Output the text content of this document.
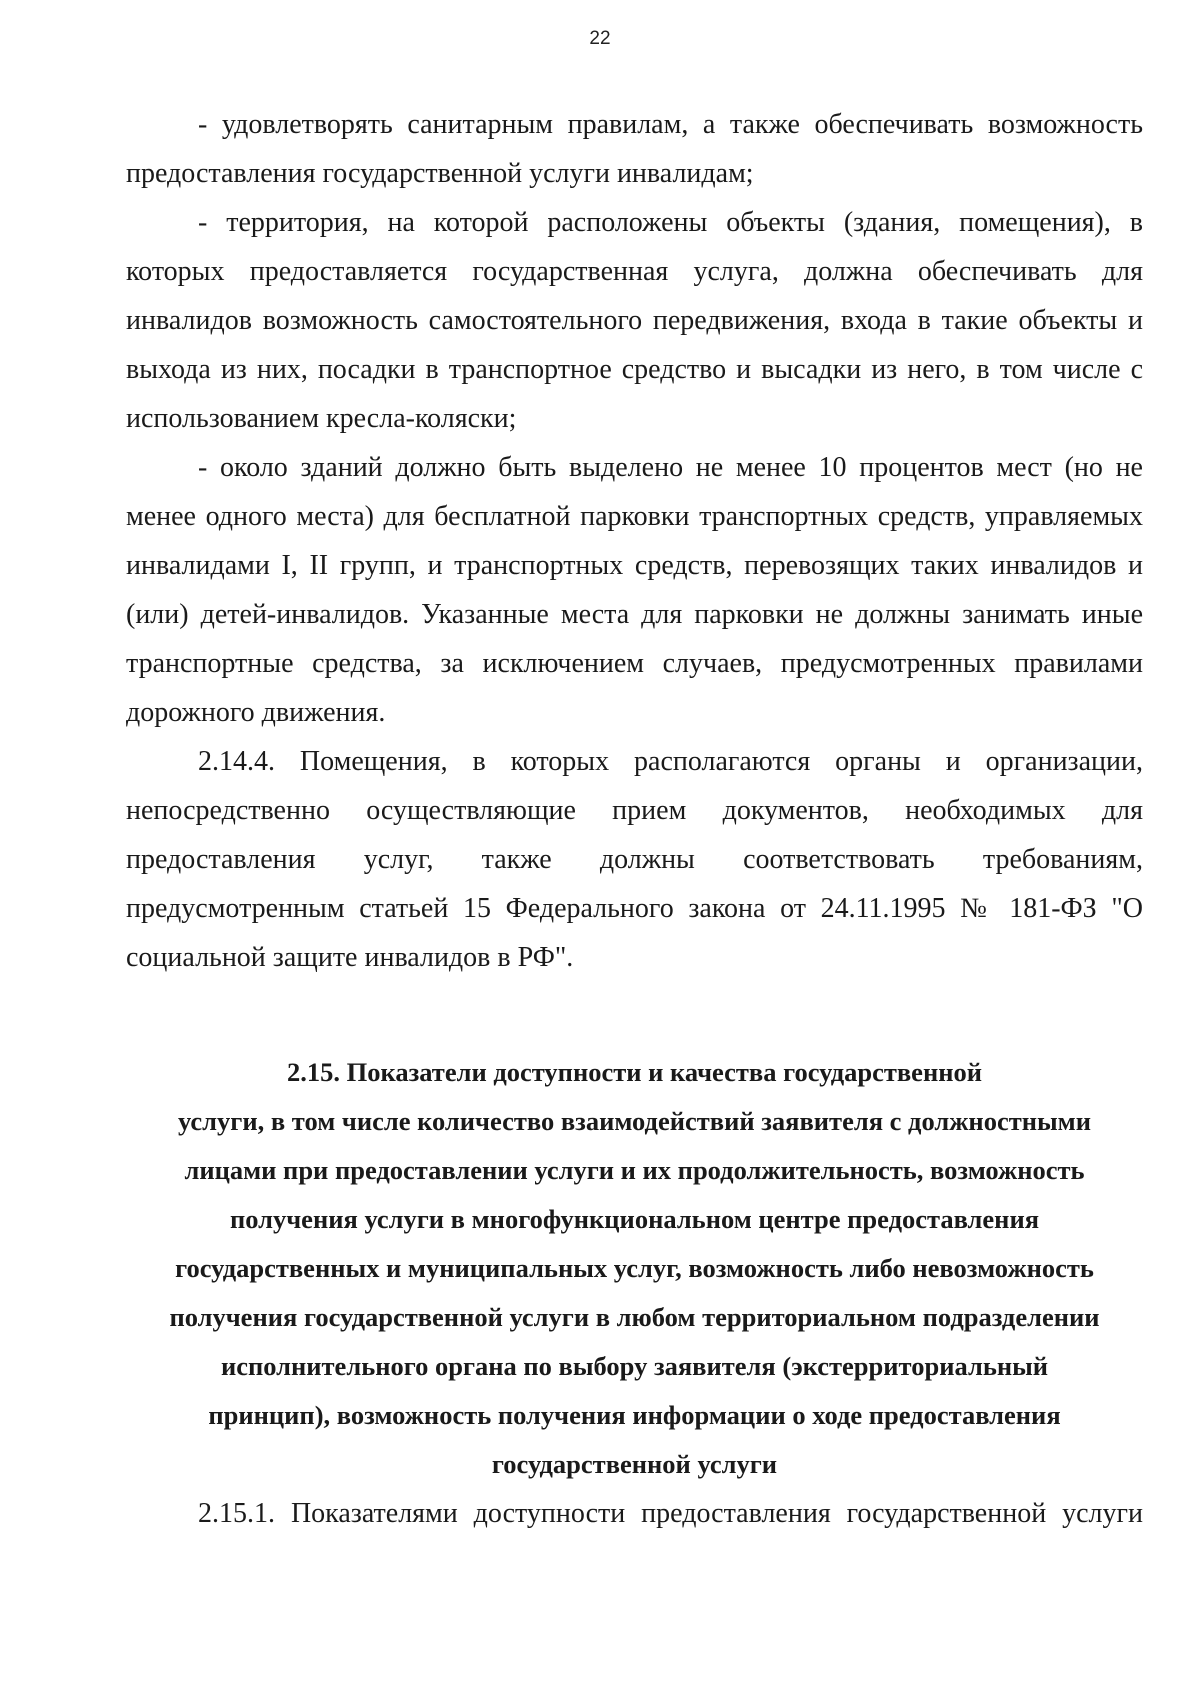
22

- удовлетворять санитарным правилам, а также обеспечивать возможность предоставления государственной услуги инвалидам;

- территория, на которой расположены объекты (здания, помещения), в которых предоставляется государственная услуга, должна обеспечивать для инвалидов возможность самостоятельного передвижения, входа в такие объекты и выхода из них, посадки в транспортное средство и высадки из него, в том числе с использованием кресла-коляски;

- около зданий должно быть выделено не менее 10 процентов мест (но не менее одного места) для бесплатной парковки транспортных средств, управляемых инвалидами I, II групп, и транспортных средств, перевозящих таких инвалидов и (или) детей-инвалидов. Указанные места для парковки не должны занимать иные транспортные средства, за исключением случаев, предусмотренных правилами дорожного движения.

2.14.4. Помещения, в которых располагаются органы и организации, непосредственно осуществляющие прием документов, необходимых для предоставления услуг, также должны соответствовать требованиям, предусмотренным статьей 15 Федерального закона от 24.11.1995 № 181-ФЗ "О социальной защите инвалидов в РФ".

2.15. Показатели доступности и качества государственной
услуги, в том числе количество взаимодействий заявителя с должностными
лицами при предоставлении услуги и их продолжительность, возможность
получения услуги в многофункциональном центре предоставления
государственных и муниципальных услуг, возможность либо невозможность
получения государственной услуги в любом территориальном подразделении
исполнительного органа по выбору заявителя (экстерриториальный
принцип), возможность получения информации о ходе предоставления
государственной услуги

2.15.1. Показателями доступности предоставления государственной услуги
